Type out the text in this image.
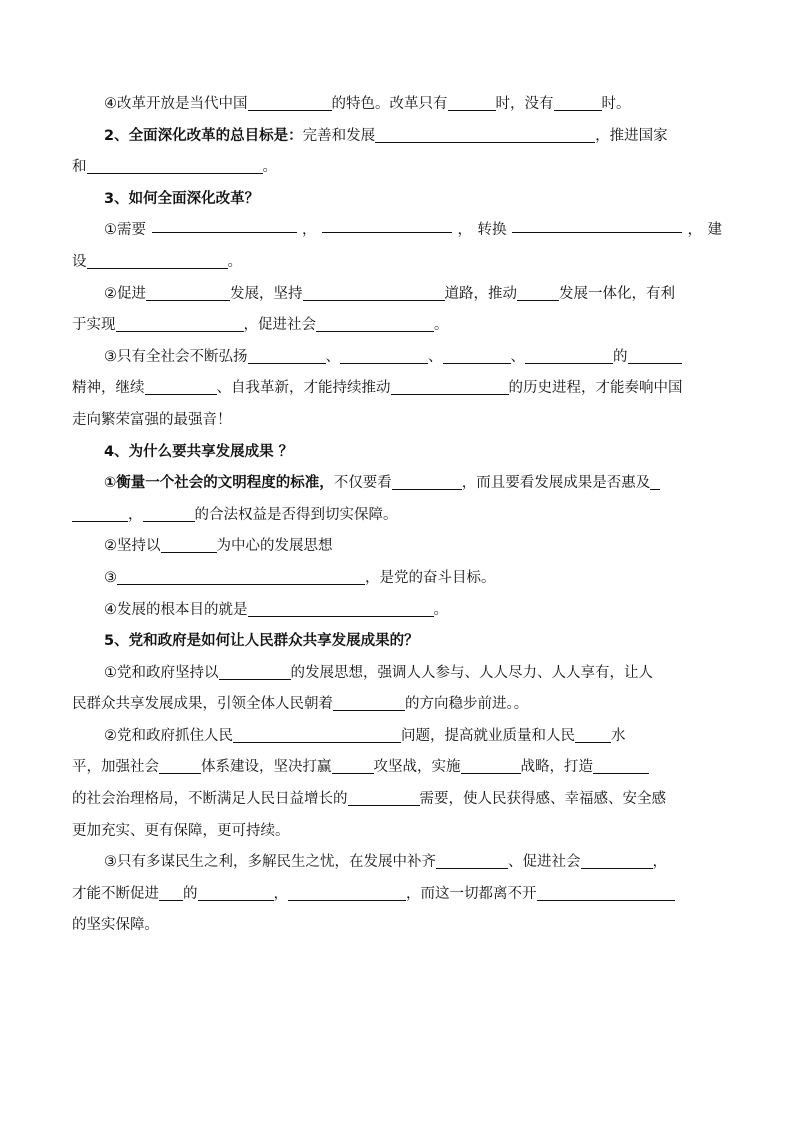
④改革开放是当代中国	的特色。改革只有	时，没有	时。
2、全面深化改革的总目标是：完善和发展	，推进国家
和	。
3、如何全面深化改革？
①需要	，	， 转换	， 建
设	。
②促进	发展，坚持	道路，推动	发展一体化，有利
于实现	，促进社会	。
③只有全社会不断弘扬	、	、	、	的
精神，继续	、自我革新，才能持续推动	的历史进程，才能奏响中国
走向繁荣富强的最强音！
4、为什么要共享发展成果 ？
①衡量一个社会的文明程度的标准，不仅要看	，而且要看发展成果是否惠及
，	的合法权益是否得到切实保障。
②坚持以	为中心的发展思想
③	，是党的奋斗目标。
④发展的根本目的就是	。
5、党和政府是如何让人民群众共享发展成果的？
①党和政府坚持以	的发展思想，强调人人参与、人人尽力、人人享有，让人
民群众共享发展成果，引领全体人民朝着	的方向稳步前进。。
②党和政府抓住人民	问题，提高就业质量和人民 水
平，加强社会	体系建设，坚决打赢	攻坚战，实施	战略，打造
的社会治理格局，不断满足人民日益增长的	需要，使人民获得感、幸福感、安全感
更加充实、更有保障，更可持续。
③只有多谋民生之利，多解民生之忧，在发展中补齐	、促进社会	，
才能不断促进 的	，	，而这一切都离不开
的坚实保障。
